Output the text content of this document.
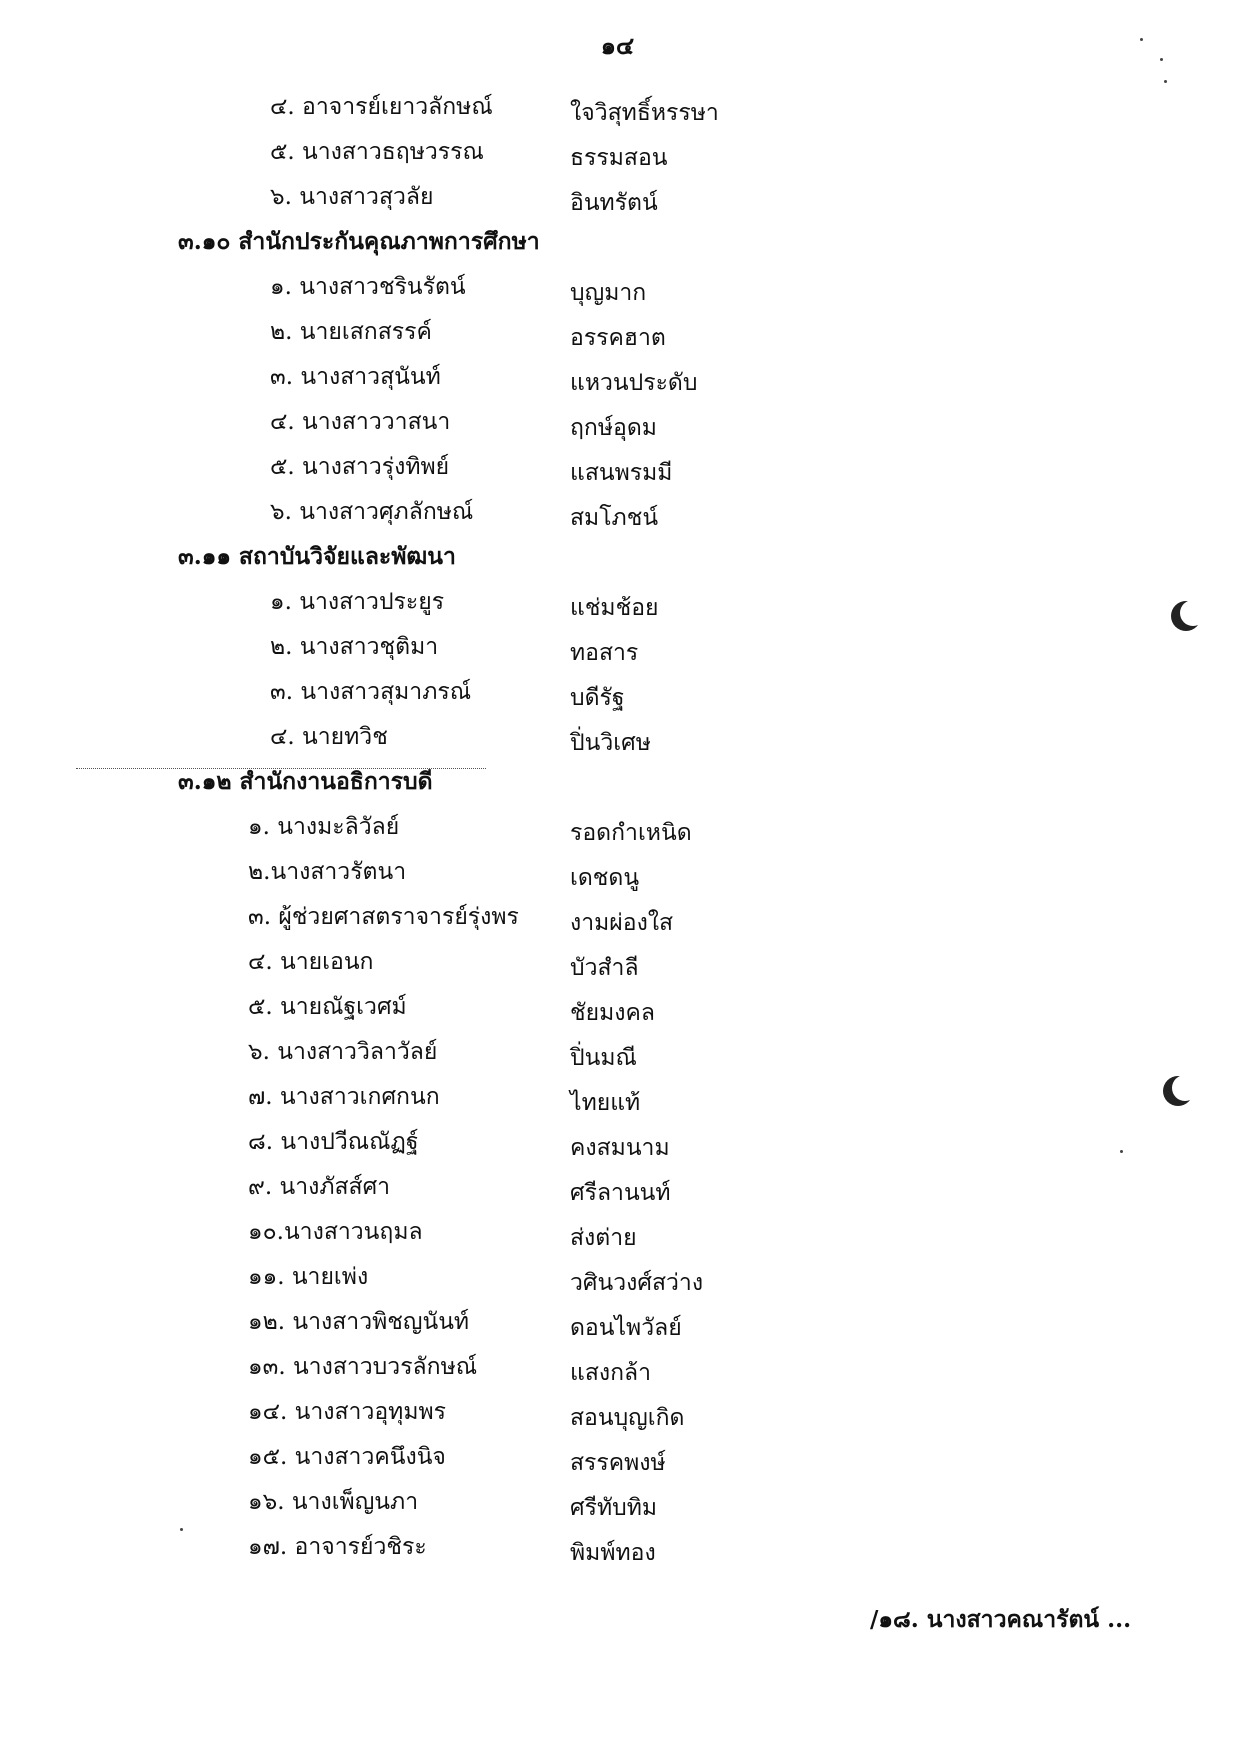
๑๔
๔. อาจารย์เยาวลักษณ์	ใจวิสุทธิ์หรรษา
๕. นางสาวธฤษวรรณ	ธรรมสอน
๖. นางสาวสุวลัย	อินทรัตน์
๓.๑๐ สำนักประกันคุณภาพการศึกษา
๑. นางสาวชรินรัตน์	บุญมาก
๒. นายเสกสรรค์	อรรคฮาต
๓. นางสาวสุนันท์	แหวนประดับ
๔. นางสาววาสนา	ฤกษ์อุดม
๕. นางสาวรุ่งทิพย์	แสนพรมมี
๖. นางสาวศุภลักษณ์	สมโภชน์
๓.๑๑ สถาบันวิจัยและพัฒนา
๑. นางสาวประยูร	แช่มช้อย
๒. นางสาวชุติมา	ทอสาร
๓. นางสาวสุมาภรณ์	บดีรัฐ
๔. นายทวิช	ปิ่นวิเศษ
๓.๑๒ สำนักงานอธิการบดี
๑. นางมะลิวัลย์	รอดกำเหนิด
๒.นางสาวรัตนา	เดชดนู
๓. ผู้ช่วยศาสตราจารย์รุ่งพร งามผ่องใส
๔. นายเอนก	บัวสำลี
๕. นายณัฐเวศม์	ชัยมงคล
๖. นางสาววิลาวัลย์	ปิ่นมณี
๗. นางสาวเกศกนก	ไทยแท้
๘. นางปวีณณัฏฐ์	คงสมนาม
๙. นางภัสส์ศา	ศรีลานนท์
๑๐.นางสาวนฤมล	ส่งต่าย
๑๑. นายเพ่ง	วศินวงศ์สว่าง
๑๒. นางสาวพิชญนันท์	ดอนไพวัลย์
๑๓. นางสาวบวรลักษณ์	แสงกล้า
๑๔. นางสาวอุทุมพร	สอนบุญเกิด
๑๕. นางสาวคนึงนิจ	สรรคพงษ์
๑๖. นางเพ็ญนภา	ศรีทับทิม
๑๗. อาจารย์วชิระ	พิมพ์ทอง
/๑๘. นางสาวคณารัตน์ ...
